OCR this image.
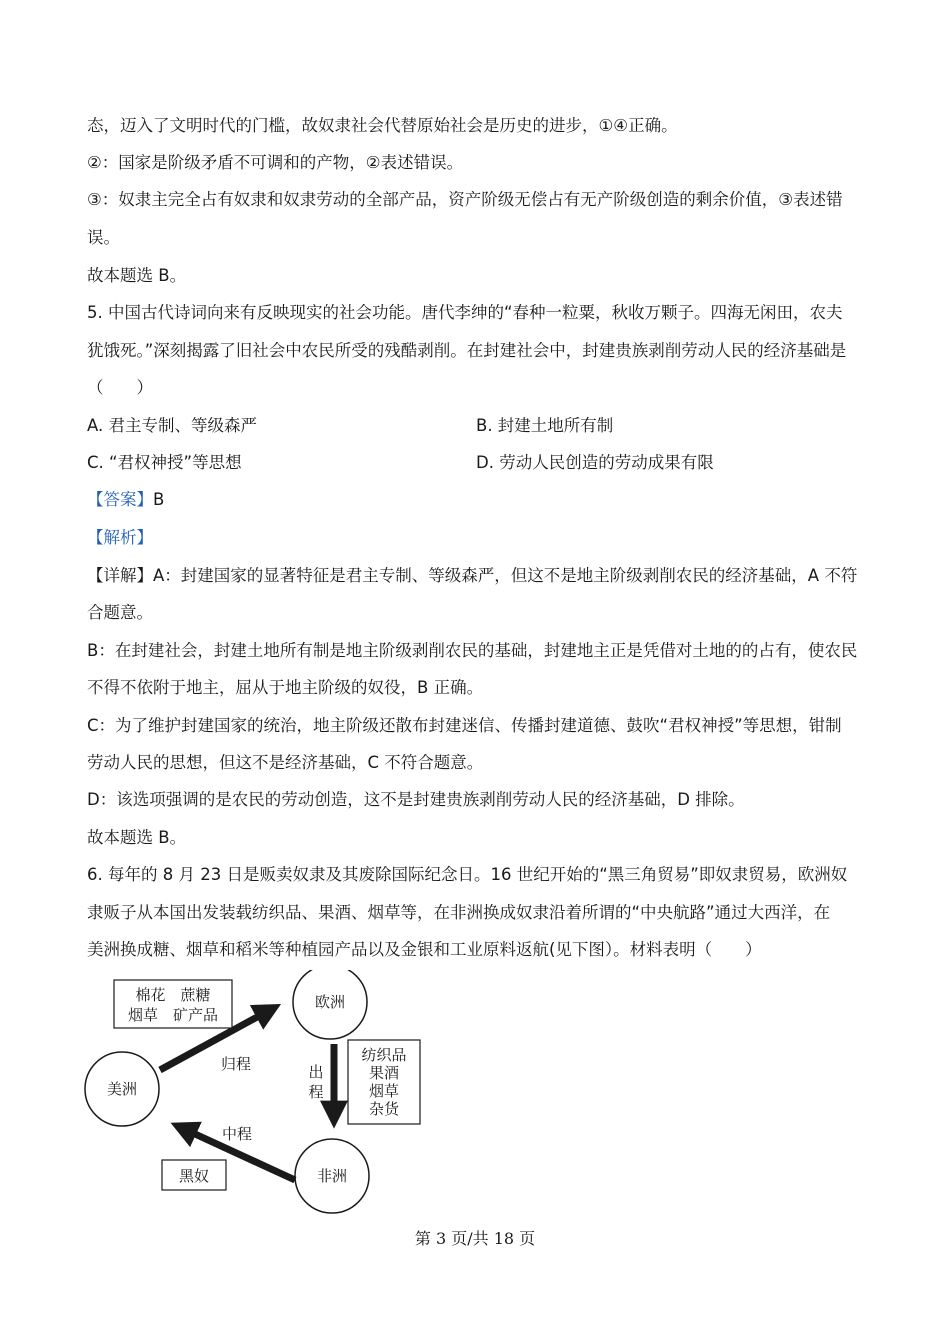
态，迈入了文明时代的门槛，故奴隶社会代替原始社会是历史的进步，①④正确。
②：国家是阶级矛盾不可调和的产物，②表述错误。
③：奴隶主完全占有奴隶和奴隶劳动的全部产品，资产阶级无偿占有无产阶级创造的剩余价值，③表述错
误。
故本题选 B。
5. 中国古代诗词向来有反映现实的社会功能。唐代李绅的“春种一粒粟，秋收万颗子。四海无闲田，农夫
犹饿死。”深刻揭露了旧社会中农民所受的残酷剥削。在封建社会中，封建贵族剥削劳动人民的经济基础是
（　　）
A. 君主专制、等级森严	B. 封建土地所有制
C. “君权神授”等思想	D. 劳动人民创造的劳动成果有限
【答案】B
【解析】
【详解】A：封建国家的显著特征是君主专制、等级森严，但这不是地主阶级剥削农民的经济基础，A 不符
合题意。
B：在封建社会，封建土地所有制是地主阶级剥削农民的基础，封建地主正是凭借对土地的的占有，使农民
不得不依附于地主，屈从于地主阶级的奴役，B 正确。
C：为了维护封建国家的统治，地主阶级还散布封建迷信、传播封建道德、鼓吹“君权神授”等思想，钳制
劳动人民的思想，但这不是经济基础，C 不符合题意。
D：该选项强调的是农民的劳动创造，这不是封建贵族剥削劳动人民的经济基础，D 排除。
故本题选 B。
6. 每年的 8 月 23 日是贩卖奴隶及其废除国际纪念日。16 世纪开始的“黑三角贸易”即奴隶贸易，欧洲奴
隶贩子从本国出发装载纺织品、果酒、烟草等，在非洲换成奴隶沿着所谓的“中央航路”通过大西洋，在
美洲换成糖、烟草和稻米等种植园产品以及金银和工业原料返航(见下图）。材料表明（　　）
欧洲
美洲
非洲
归程
棉花　蔗糖
烟草　矿产品
出
程
纺织品
果酒
烟草
杂货
中程
黑奴
第 3 页/共 18 页
